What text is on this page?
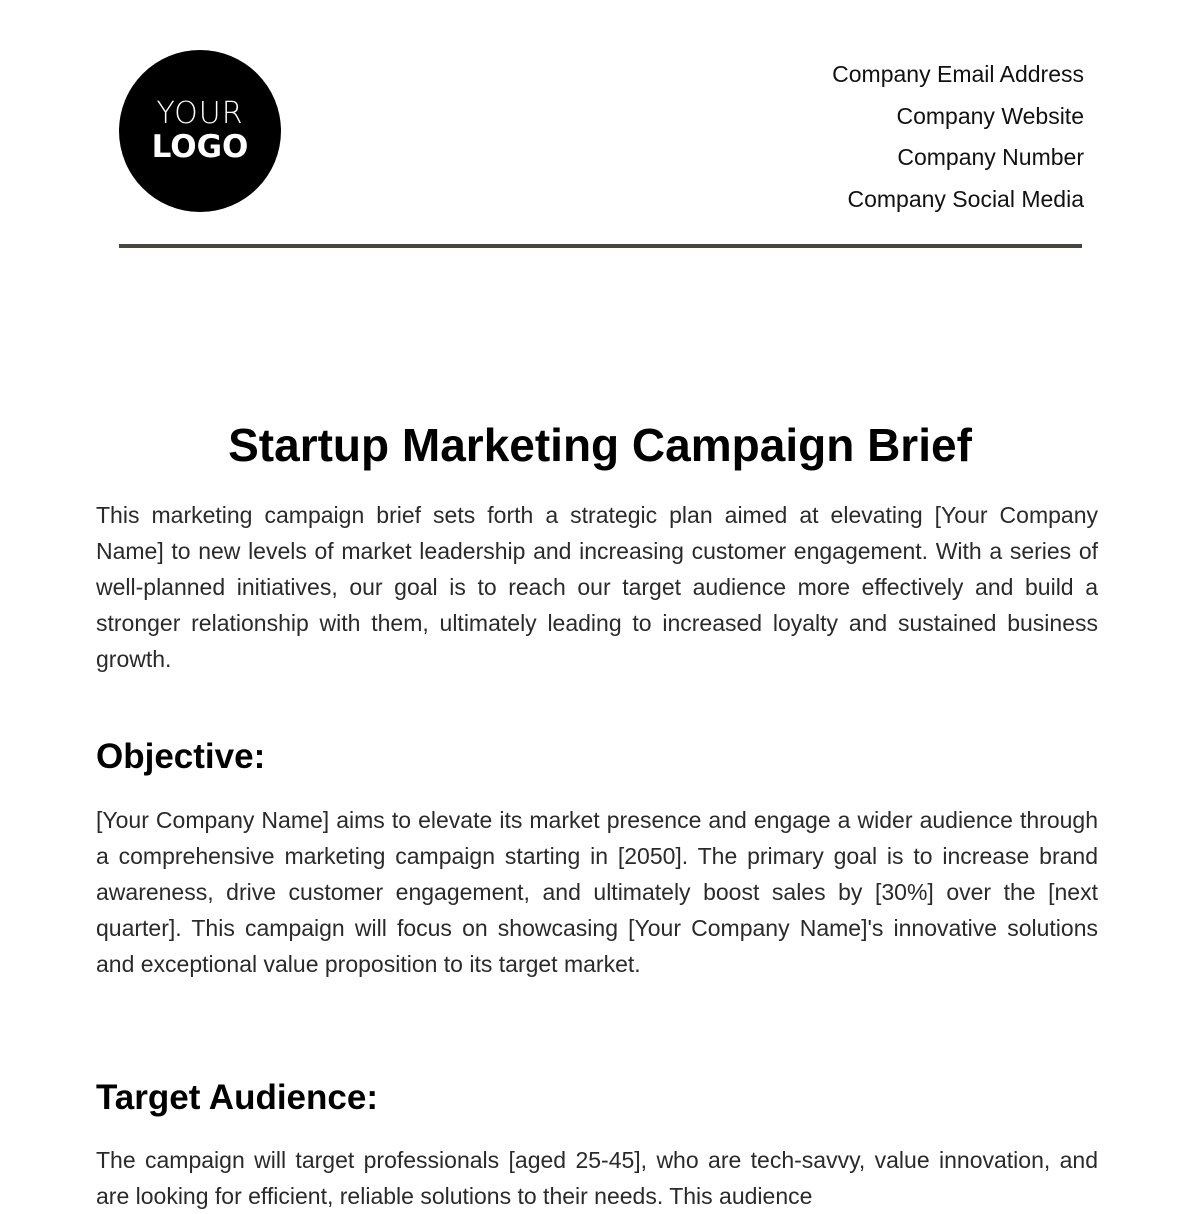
YOUR
LOGO
Company Email Address
Company Website
Company Number
Company Social Media
Startup Marketing Campaign Brief

This marketing campaign brief sets forth a strategic plan aimed at elevating [Your Company Name] to new levels of market leadership and increasing customer engagement. With a series of well-planned initiatives, our goal is to reach our target audience more effectively and build a stronger relationship with them, ultimately leading to increased loyalty and sustained business growth.

Objective:

[Your Company Name] aims to elevate its market presence and engage a wider audience through a comprehensive marketing campaign starting in [2050]. The primary goal is to increase brand awareness, drive customer engagement, and ultimately boost sales by [30%] over the [next quarter]. This campaign will focus on showcasing [Your Company Name]'s innovative solutions and exceptional value proposition to its target market.

Target Audience:

The campaign will target professionals [aged 25-45], who are tech-savvy, value innovation, and are looking for efficient, reliable solutions to their needs. This audience
